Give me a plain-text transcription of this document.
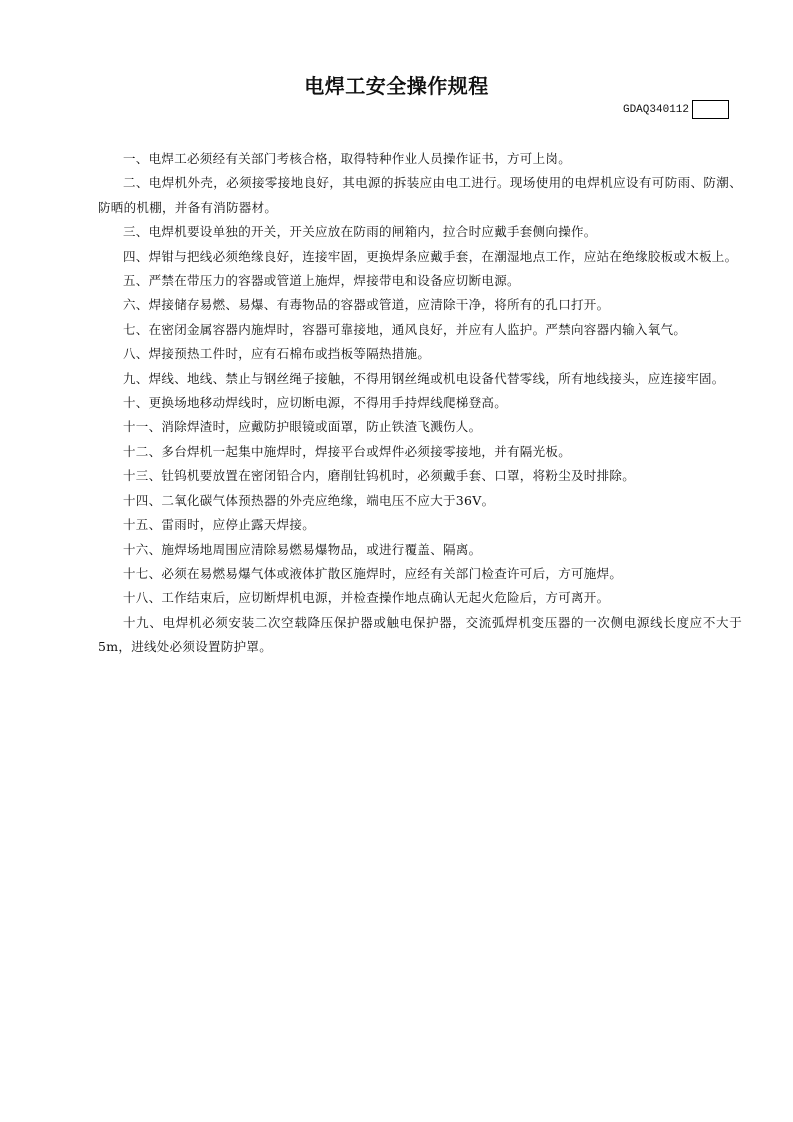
电焊工安全操作规程
GDAQ340112

一、电焊工必须经有关部门考核合格，取得特种作业人员操作证书，方可上岗。

二、电焊机外壳，必须接零接地良好，其电源的拆装应由电工进行。现场使用的电焊机应设有可防雨、防潮、防晒的机棚，并备有消防器材。

三、电焊机要设单独的开关，开关应放在防雨的闸箱内，拉合时应戴手套侧向操作。

四、焊钳与把线必须绝缘良好，连接牢固，更换焊条应戴手套，在潮湿地点工作，应站在绝缘胶板或木板上。

五、严禁在带压力的容器或管道上施焊，焊接带电和设备应切断电源。

六、焊接储存易燃、易爆、有毒物品的容器或管道，应清除干净，将所有的孔口打开。

七、在密闭金属容器内施焊时，容器可靠接地，通风良好，并应有人监护。严禁向容器内输入氧气。

八、焊接预热工件时，应有石棉布或挡板等隔热措施。

九、焊线、地线、禁止与钢丝绳子接触，不得用钢丝绳或机电设备代替零线，所有地线接头，应连接牢固。

十、更换场地移动焊线时，应切断电源，不得用手持焊线爬梯登高。

十一、消除焊渣时，应戴防护眼镜或面罩，防止铁渣飞溅伤人。

十二、多台焊机一起集中施焊时，焊接平台或焊件必须接零接地，并有隔光板。

十三、钍钨机要放置在密闭铅合内，磨削钍钨机时，必须戴手套、口罩，将粉尘及时排除。

十四、二氧化碳气体预热器的外壳应绝缘，端电压不应大于36V。

十五、雷雨时，应停止露天焊接。

十六、施焊场地周围应清除易燃易爆物品，或进行覆盖、隔离。

十七、必须在易燃易爆气体或液体扩散区施焊时，应经有关部门检查许可后，方可施焊。

十八、工作结束后，应切断焊机电源，并检查操作地点确认无起火危险后，方可离开。

十九、电焊机必须安装二次空载降压保护器或触电保护器，交流弧焊机变压器的一次侧电源线长度应不大于5m，进线处必须设置防护罩。
